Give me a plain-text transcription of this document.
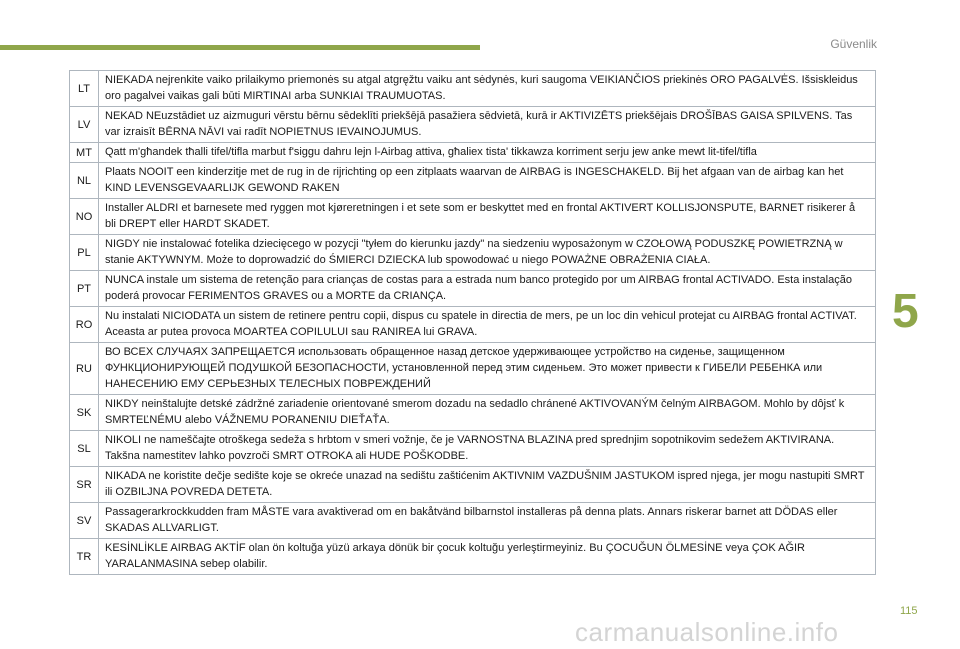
Güvenlik
5
LT	NIEKADA nejrenkite vaiko prilaikymo priemonės su atgal atgręžtu vaiku ant sėdynės, kuri saugoma VEIKIANČIOS priekinės ORO PAGALVĖS. Išsiskleidus oro pagalvei vaikas gali būti MIRTINAI arba SUNKIAI TRAUMUOTAS.
LV	NEKAD NEuzstādiet uz aizmuguri vērstu bērnu sēdeklīti priekšējā pasažiera sēdvietā, kurā ir AKTIVIZĒTS priekšējais DROŠĪBAS GAISA SPILVENS. Tas var izraisīt BĒRNA NĀVI vai radīt NOPIETNUS IEVAINOJUMUS.
MT	Qatt m'għandek tħalli tifel/tifla marbut f'siggu dahru lejn l-Airbag attiva, għaliex tista' tikkawza korriment serju jew anke mewt lit-tifel/tifla
NL	Plaats NOOIT een kinderzitje met de rug in de rijrichting op een zitplaats waarvan de AIRBAG is INGESCHAKELD. Bij het afgaan van de airbag kan het KIND LEVENSGEVAARLIJK GEWOND RAKEN
NO	Installer ALDRI et barnesete med ryggen mot kjøreretningen i et sete som er beskyttet med en frontal AKTIVERT KOLLISJONSPUTE, BARNET risikerer å bli DREPT eller HARDT SKADET.
PL	NIGDY nie instalować fotelika dziecięcego w pozycji "tyłem do kierunku jazdy" na siedzeniu wyposażonym w CZOŁOWĄ PODUSZKĘ POWIETRZNĄ w stanie AKTYWNYM. Może to doprowadzić do ŚMIERCI DZIECKA lub spowodować u niego POWAŻNE OBRAŻENIA CIAŁA.
PT	NUNCA instale um sistema de retenção para crianças de costas para a estrada num banco protegido por um AIRBAG frontal ACTIVADO. Esta instalação poderá provocar FERIMENTOS GRAVES ou a MORTE da CRIANÇA.
RO	Nu instalati NICIODATA un sistem de retinere pentru copii, dispus cu spatele in directia de mers, pe un loc din vehicul protejat cu AIRBAG frontal ACTIVAT. Aceasta ar putea provoca MOARTEA COPILULUI sau RANIREA lui GRAVA.
RU	ВО ВСЕХ СЛУЧАЯХ ЗАПРЕЩАЕТСЯ использовать обращенное назад детское удерживающее устройство на сиденье, защищенном ФУНКЦИОНИРУЮЩЕЙ ПОДУШКОЙ БЕЗОПАСНОСТИ, установленной перед этим сиденьем. Это может привести к ГИБЕЛИ РЕБЕНКА или НАНЕСЕНИЮ ЕМУ СЕРЬЕЗНЫХ ТЕЛЕСНЫХ ПОВРЕЖДЕНИЙ
SK	NIKDY neinštalujte detské zádržné zariadenie orientované smerom dozadu na sedadlo chránené AKTIVOVANÝM čelným AIRBAGOM. Mohlo by dôjsť k SMRTEĽNÉMU alebo VÁŽNEMU PORANENIU DIEŤAŤA.
SL	NIKOLI ne nameščajte otroškega sedeža s hrbtom v smeri vožnje, če je VARNOSTNA BLAZINA pred sprednjim sopotnikovim sedežem AKTIVIRANA. Takšna namestitev lahko povzroči SMRT OTROKA ali HUDE POŠKODBE.
SR	NIKADA ne koristite dečje sedište koje se okreće unazad na sedištu zaštićenim AKTIVNIM VAZDUŠNIM JASTUKOM ispred njega, jer mogu nastupiti SMRT ili OZBILJNA POVREDA DETETA.
SV	Passagerarkrockkudden fram MÅSTE vara avaktiverad om en bakåtvänd bilbarnstol installeras på denna plats. Annars riskerar barnet att DÖDAS eller SKADAS ALLVARLIGT.
TR	KESİNLİKLE AIRBAG AKTİF olan ön koltuğa yüzü arkaya dönük bir çocuk koltuğu yerleştirmeyiniz. Bu ÇOCUĞUN ÖLMESİNE veya ÇOK AĞIR YARALANMASINA sebep olabilir.
115
carmanualsonline.info
